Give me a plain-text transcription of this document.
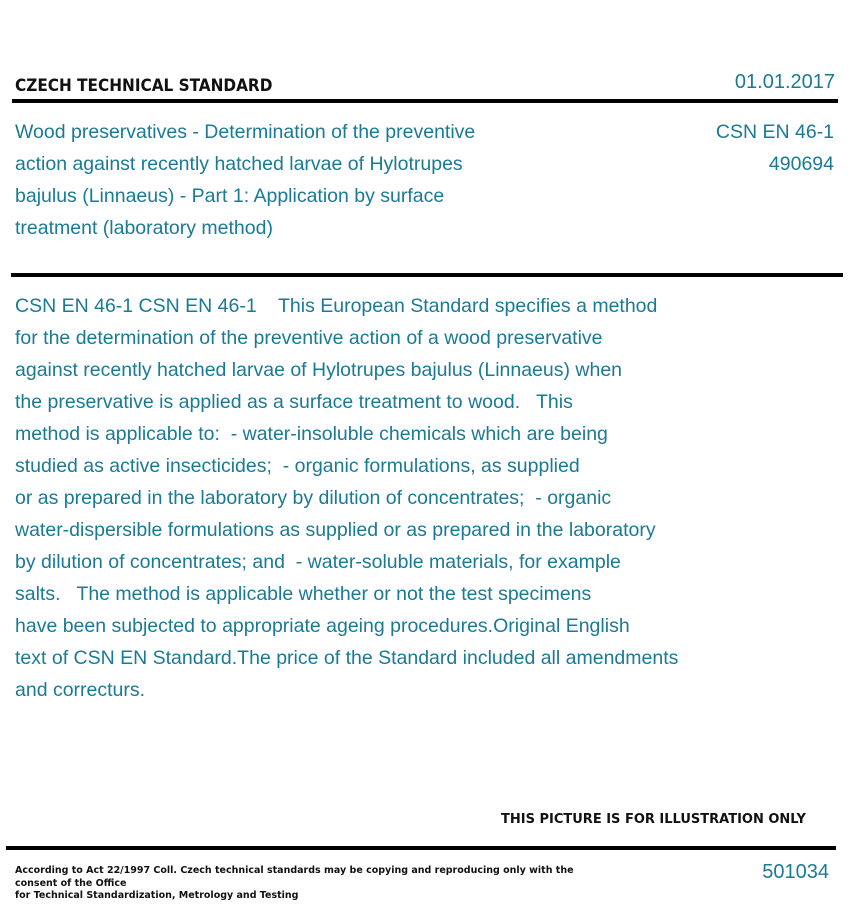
CZECH TECHNICAL STANDARD	01.01.2017
Wood preservatives - Determination of the preventive
action against recently hatched larvae of Hylotrupes
bajulus (Linnaeus) - Part 1: Application by surface
treatment (laboratory method)
CSN EN 46-1
490694
CSN EN 46-1 CSN EN 46-1    This European Standard specifies a method
for the determination of the preventive action of a wood preservative
against recently hatched larvae of Hylotrupes bajulus (Linnaeus) when
the preservative is applied as a surface treatment to wood.   This
method is applicable to:  - water-insoluble chemicals which are being
studied as active insecticides;  - organic formulations, as supplied
or as prepared in the laboratory by dilution of concentrates;  - organic
water-dispersible formulations as supplied or as prepared in the laboratory
by dilution of concentrates; and  - water-soluble materials, for example
salts.   The method is applicable whether or not the test specimens
have been subjected to appropriate ageing procedures.Original English
text of CSN EN Standard.The price of the Standard included all amendments
and correcturs.
THIS PICTURE IS FOR ILLUSTRATION ONLY
According to Act 22/1997 Coll. Czech technical standards may be copying and reproducing only with the consent of the Office
for Technical Standardization, Metrology and Testing
501034
